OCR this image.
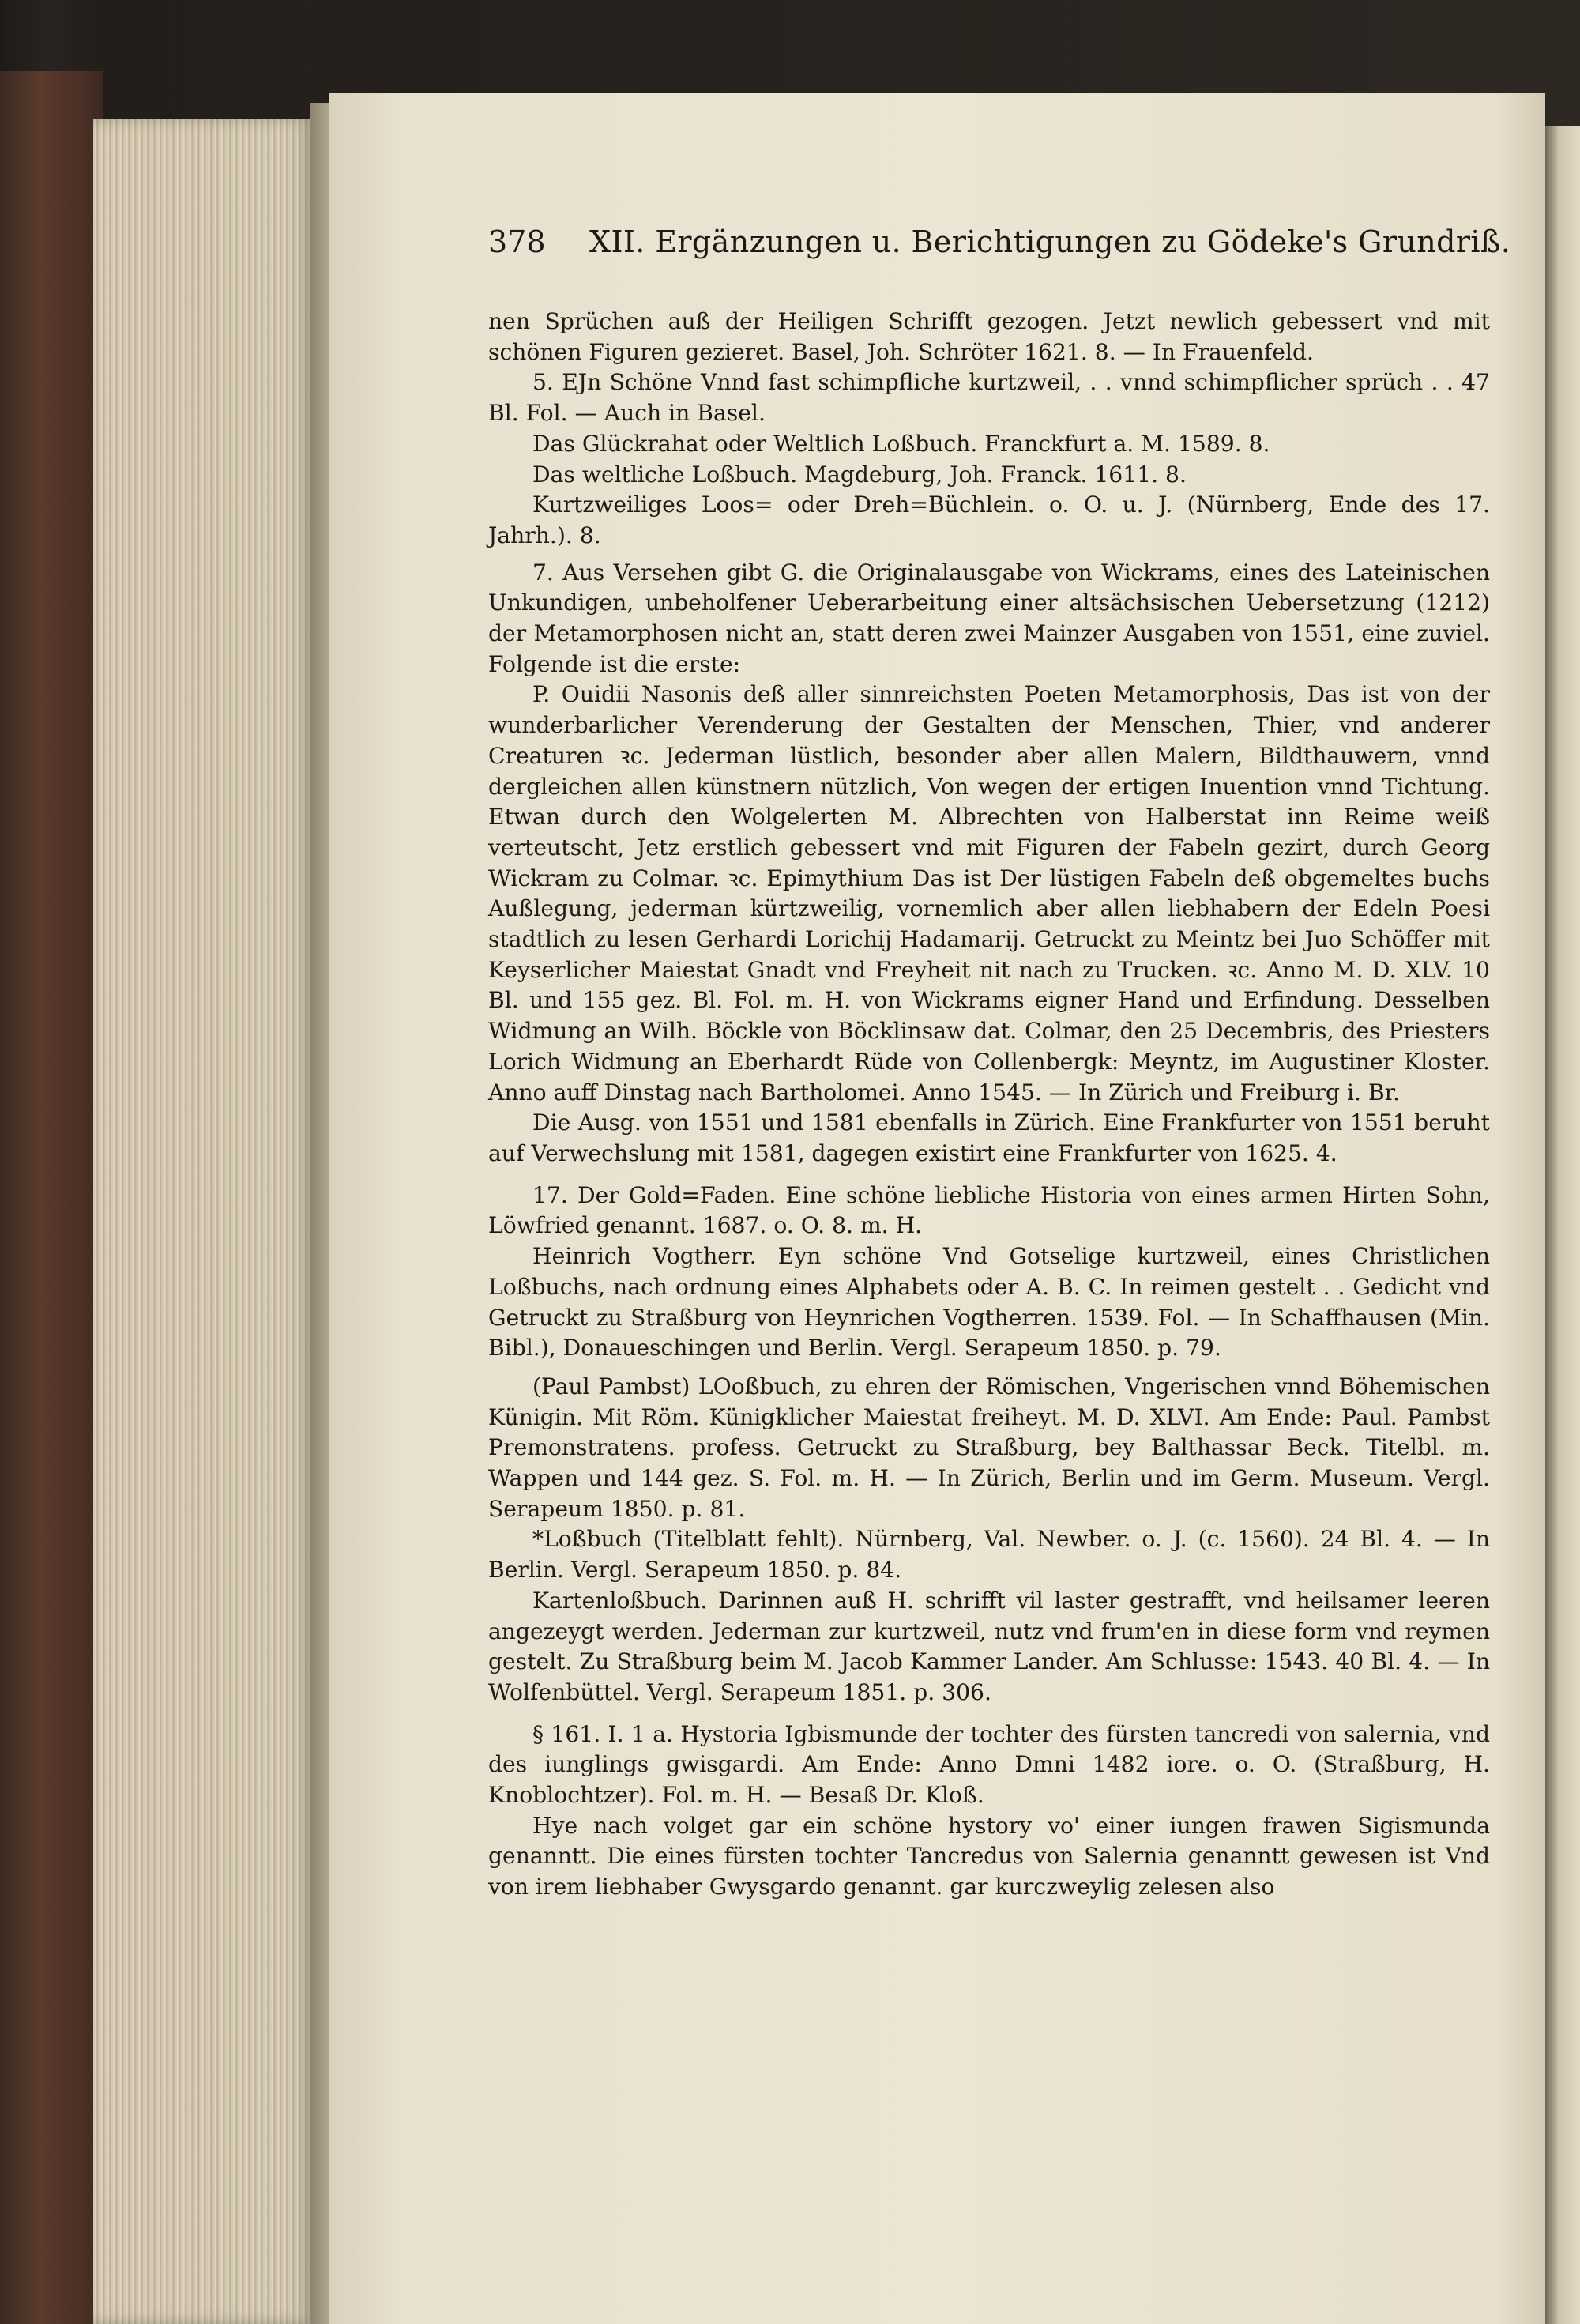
378 XII. Ergänzungen u. Berichtigungen zu Gödeke's Grundriß.

nen Sprüchen auß der Heiligen Schrifft gezogen. Jetzt newlich gebessert vnd mit schönen Figuren gezieret. Basel, Joh. Schröter 1621. 8. — In Frauenfeld.

5. EJn Schöne Vnnd fast schimpfliche kurtzweil, . . vnnd schimpflicher sprüch . . 47 Bl. Fol. — Auch in Basel.

Das Glückrahat oder Weltlich Loßbuch. Franckfurt a. M. 1589. 8.

Das weltliche Loßbuch. Magdeburg, Joh. Franck. 1611. 8.

Kurtzweiliges Loos= oder Dreh=Büchlein. o. O. u. J. (Nürnberg, Ende des 17. Jahrh.). 8.

7. Aus Versehen gibt G. die Originalausgabe von Wickrams, eines des Lateinischen Unkundigen, unbeholfener Ueberarbeitung einer altsächsischen Uebersetzung (1212) der Metamorphosen nicht an, statt deren zwei Mainzer Ausgaben von 1551, eine zuviel. Folgende ist die erste:

P. Ouidii Nasonis deß aller sinnreichsten Poeten Metamorphosis, Das ist von der wunderbarlicher Verenderung der Gestalten der Menschen, Thier, vnd anderer Creaturen ꝛc. Jederman lüstlich, besonder aber allen Malern, Bildthauwern, vnnd dergleichen allen künstnern nützlich, Von wegen der ertigen Inuention vnnd Tichtung. Etwan durch den Wolgelerten M. Albrechten von Halberstat inn Reime weiß verteutscht, Jetz erstlich gebessert vnd mit Figuren der Fabeln gezirt, durch Georg Wickram zu Colmar. ꝛc. Epimythium Das ist Der lüstigen Fabeln deß obgemeltes buchs Außlegung, jederman kürtzweilig, vornemlich aber allen liebhabern der Edeln Poesi stadtlich zu lesen Gerhardi Lorichij Hadamarij. Getruckt zu Meintz bei Juo Schöffer mit Keyserlicher Maiestat Gnadt vnd Freyheit nit nach zu Trucken. ꝛc. Anno M. D. XLV. 10 Bl. und 155 gez. Bl. Fol. m. H. von Wickrams eigner Hand und Erfindung. Desselben Widmung an Wilh. Böckle von Böcklinsaw dat. Colmar, den 25 Decembris, des Priesters Lorich Widmung an Eberhardt Rüde von Collenbergk: Meyntz, im Augustiner Kloster. Anno auff Dinstag nach Bartholomei. Anno 1545. — In Zürich und Freiburg i. Br.

Die Ausg. von 1551 und 1581 ebenfalls in Zürich. Eine Frankfurter von 1551 beruht auf Verwechslung mit 1581, dagegen existirt eine Frankfurter von 1625. 4.

17. Der Gold=Faden. Eine schöne liebliche Historia von eines armen Hirten Sohn, Löwfried genannt. 1687. o. O. 8. m. H.

Heinrich Vogtherr. Eyn schöne Vnd Gotselige kurtzweil, eines Christlichen Loßbuchs, nach ordnung eines Alphabets oder A. B. C. In reimen gestelt . . Gedicht vnd Getruckt zu Straßburg von Heynrichen Vogtherren. 1539. Fol. — In Schaffhausen (Min. Bibl.), Donaueschingen und Berlin. Vergl. Serapeum 1850. p. 79.

(Paul Pambst) LOoßbuch, zu ehren der Römischen, Vngerischen vnnd Böhemischen Künigin. Mit Röm. Künigklicher Maiestat freiheyt. M. D. XLVI. Am Ende: Paul. Pambst Premonstratens. profess. Getruckt zu Straßburg, bey Balthassar Beck. Titelbl. m. Wappen und 144 gez. S. Fol. m. H. — In Zürich, Berlin und im Germ. Museum. Vergl. Serapeum 1850. p. 81.

*Loßbuch (Titelblatt fehlt). Nürnberg, Val. Newber. o. J. (c. 1560). 24 Bl. 4. — In Berlin. Vergl. Serapeum 1850. p. 84.

Kartenloßbuch. Darinnen auß H. schrifft vil laster gestrafft, vnd heilsamer leeren angezeygt werden. Jederman zur kurtzweil, nutz vnd frum'en in diese form vnd reymen gestelt. Zu Straßburg beim M. Jacob Kammer Lander. Am Schlusse: 1543. 40 Bl. 4. — In Wolfenbüttel. Vergl. Serapeum 1851. p. 306.

§ 161. I. 1 a. Hystoria Igbismunde der tochter des fürsten tancredi von salernia, vnd des iunglings gwisgardi. Am Ende: Anno Dmni 1482 iore. o. O. (Straßburg, H. Knoblochtzer). Fol. m. H. — Besaß Dr. Kloß.

Hye nach volget gar ein schöne hystory vo' einer iungen frawen Sigismunda genanntt. Die eines fürsten tochter Tancredus von Salernia genanntt gewesen ist Vnd von irem liebhaber Gwysgardo genannt. gar kurczweylig zelesen also
